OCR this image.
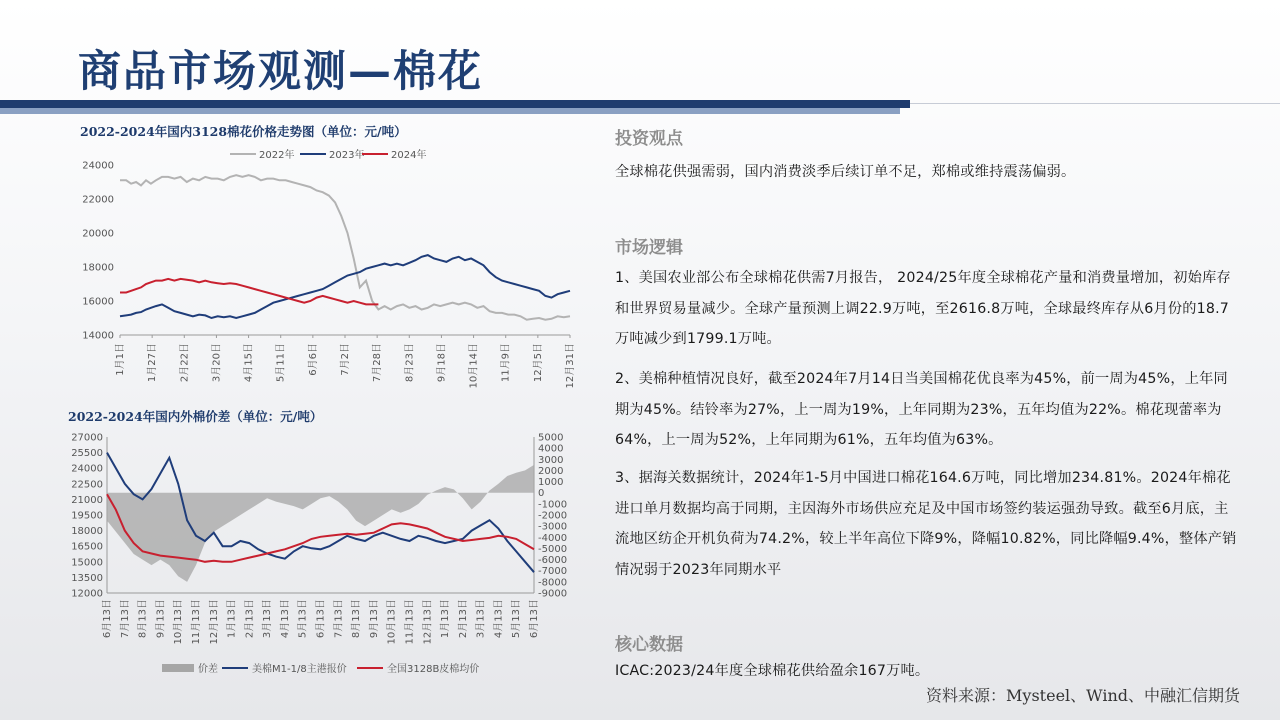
商品市场观测—棉花
2022-2024年国内3128棉花价格走势图（单位：元/吨）
14000
16000
18000
20000
22000
24000
1月1日 1月27日 2月22日 3月20日 4月15日 5月11日 6月6日 7月2日 7月28日 8月23日 9月18日 10月14日 11月9日 12月5日 12月31日
2022年	2023年	2024年
2022-2024年国内外棉价差（单位：元/吨）
12000
13500
15000
16500
18000
19500
21000
22500
24000
25500
27000
-9000
-8000
-7000
-6000
-5000
-4000
-3000
-2000
-1000
0
1000
2000
3000
4000
5000
6月13日 7月13日 8月13日 9月13日 10月13日 11月13日 12月13日 1月13日 2月13日 3月13日 4月13日 5月13日 6月13日 7月13日 8月13日 9月13日 10月13日 11月13日 12月13日 1月13日 2月13日 3月13日 4月13日 5月13日 6月13日
价差	美棉M1-1/8主港报价	全国3128B皮棉均价
投资观点

全球棉花供强需弱，国内消费淡季后续订单不足，郑棉或维持震荡偏弱。

市场逻辑

1、美国农业部公布全球棉花供需7月报告， 2024/25年度全球棉花产量和消费量增加，初始库存和世界贸易量减少。全球产量预测上调22.9万吨，至2616.8万吨，全球最终库存从6月份的18.7万吨减少到1799.1万吨。

2、美棉种植情况良好，截至2024年7月14日当美国棉花优良率为45%，前一周为45%，上年同期为45%。结铃率为27%，上一周为19%，上年同期为23%，五年均值为22%。棉花现蕾率为64%，上一周为52%，上年同期为61%，五年均值为63%。

3、据海关数据统计，2024年1-5月中国进口棉花164.6万吨，同比增加234.81%。2024年棉花进口单月数据均高于同期，主因海外市场供应充足及中国市场签约装运强劲导致。截至6月底，主流地区纺企开机负荷为74.2%，较上半年高位下降9%，降幅10.82%，同比降幅9.4%，整体产销情况弱于2023年同期水平

核心数据

ICAC:2023/24年度全球棉花供给盈余167万吨。

资料来源：Mysteel、Wind、中融汇信期货
